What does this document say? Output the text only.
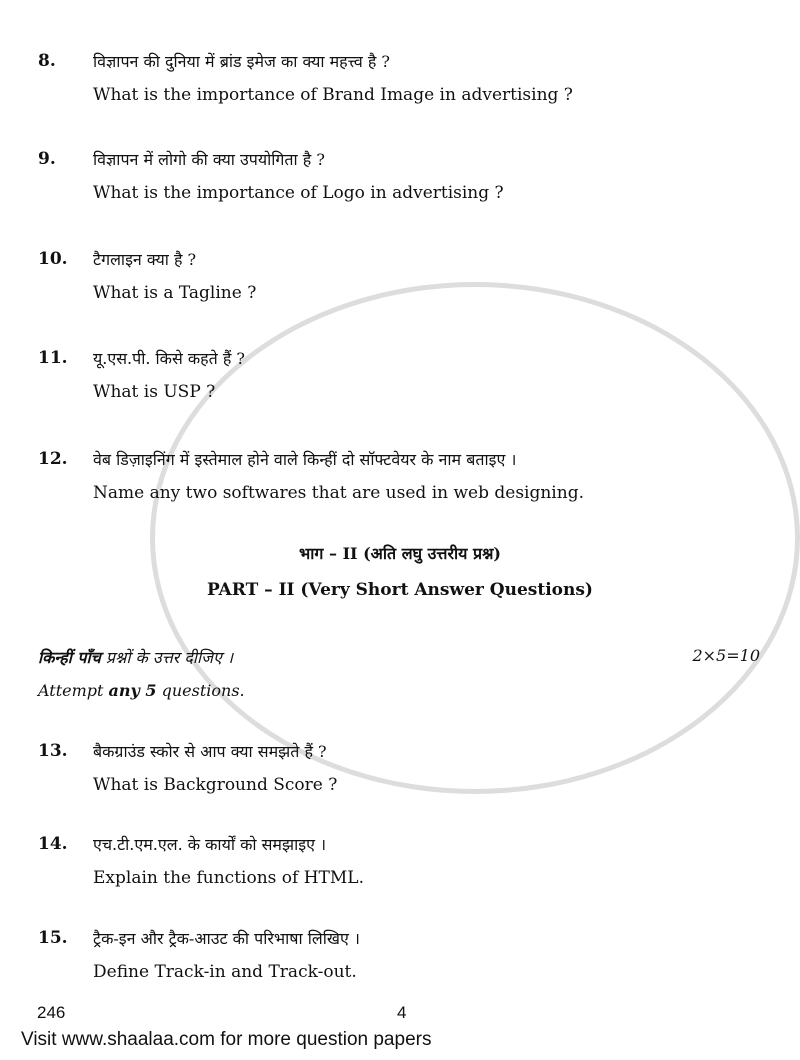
8. विज्ञापन की दुनिया में ब्रांड इमेज का क्या महत्त्व है ?
What is the importance of Brand Image in advertising ?
9. विज्ञापन में लोगो की क्या उपयोगिता है ?
What is the importance of Logo in advertising ?
10. टैगलाइन क्या है ?
What is a Tagline ?
11. यू.एस.पी. किसे कहते हैं ?
What is USP ?
12. वेब डिज़ाइनिंग में इस्तेमाल होने वाले किन्हीं दो सॉफ्टवेयर के नाम बताइए ।
Name any two softwares that are used in web designing.
13. बैकग्राउंड स्कोर से आप क्या समझते हैं ?
What is Background Score ?
14. एच.टी.एम.एल. के कार्यों को समझाइए ।
Explain the functions of HTML.
15. ट्रैक-इन और ट्रैक-आउट की परिभाषा लिखिए ।
Define Track-in and Track-out.
भाग – II (अति लघु उत्तरीय प्रश्न)
PART – II (Very Short Answer Questions)
किन्हीं पाँच प्रश्नों के उत्तर दीजिए ।	2×5=10
Attempt any 5 questions.
246	4
Visit www.shaalaa.com for more question papers
